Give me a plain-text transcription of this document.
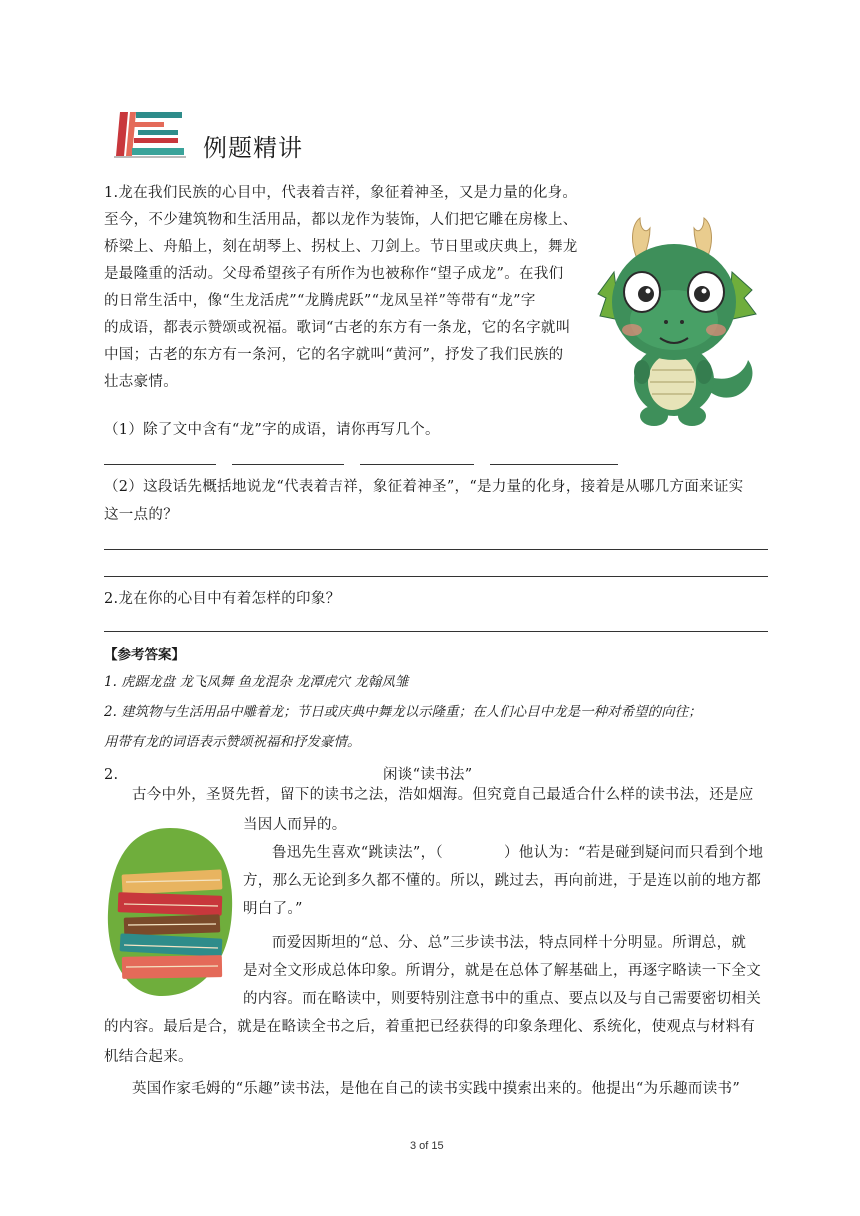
例题精讲
1.龙在我们民族的心目中，代表着吉祥，象征着神圣，又是力量的化身。
至今，不少建筑物和生活用品，都以龙作为装饰，人们把它雕在房椽上、
桥梁上、舟船上，刻在胡琴上、拐杖上、刀剑上。节日里或庆典上，舞龙
是最隆重的活动。父母希望孩子有所作为也被称作“望子成龙”。在我们
的日常生活中，像“生龙活虎”“龙腾虎跃”“龙凤呈祥”等带有“龙”字
的成语，都表示赞颂或祝福。歌词“古老的东方有一条龙，它的名字就叫
中国；古老的东方有一条河，它的名字就叫“黄河”，抒发了我们民族的
壮志豪情。
（1）除了文中含有“龙”字的成语，请你再写几个。
（2）这段话先概括地说龙“代表着吉祥，象征着神圣”，“是力量的化身，接着是从哪几方面来证实
这一点的？
2.龙在你的心目中有着怎样的印象？
【参考答案】
1. 虎踞龙盘 龙飞凤舞 鱼龙混杂 龙潭虎穴 龙翰凤雏
2. 建筑物与生活用品中雕着龙；节日或庆典中舞龙以示隆重；在人们心目中龙是一种对希望的向往；
用带有龙的词语表示赞颂祝福和抒发豪情。
2.	闲谈“读书法”
古今中外，圣贤先哲，留下的读书之法，浩如烟海。但究竟自己最适合什么样的读书法，还是应
当因人而异的。
鲁迅先生喜欢“跳读法”，（	）他认为：“若是碰到疑问而只看到个地
方，那么无论到多久都不懂的。所以，跳过去，再向前进，于是连以前的地方都
明白了。”
而爱因斯坦的“总、分、总”三步读书法，特点同样十分明显。所谓总，就
是对全文形成总体印象。所谓分，就是在总体了解基础上，再逐字略读一下全文
的内容。而在略读中，则要特别注意书中的重点、要点以及与自己需要密切相关
的内容。最后是合，就是在略读全书之后，着重把已经获得的印象条理化、系统化，使观点与材料有
机结合起来。
英国作家毛姆的“乐趣”读书法，是他在自己的读书实践中摸索出来的。他提出“为乐趣而读书”
3 of 15
